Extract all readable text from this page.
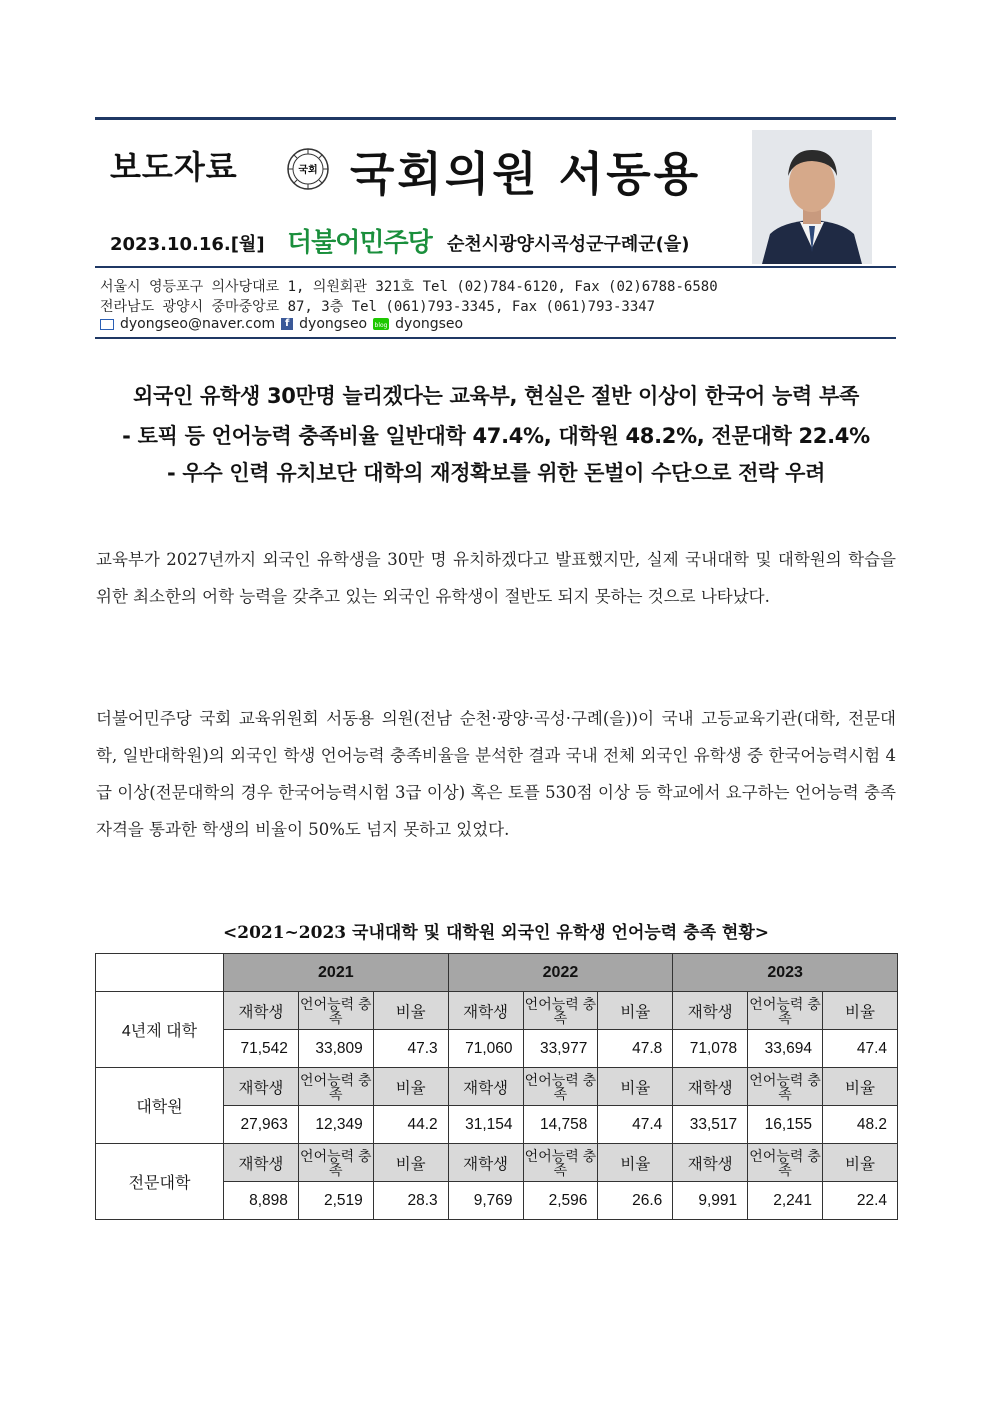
보도자료	국회 국회의원 서동용
2023.10.16.[월] 더불어민주당 순천시광양시곡성군구례군(을)
서울시 영등포구 의사당대로 1, 의원회관 321호 Tel (02)784-6120, Fax (02)6788-6580
전라남도 광양시 중마중앙로 87, 3층 Tel (061)793-3345, Fax (061)793-3347
dyongseo@naver.com f dyongseo blog dyongseo
외국인 유학생 30만명 늘리겠다는 교육부, 현실은 절반 이상이 한국어 능력 부족
- 토픽 등 언어능력 충족비율 일반대학 47.4%, 대학원 48.2%, 전문대학 22.4%
- 우수 인력 유치보단 대학의 재정확보를 위한 돈벌이 수단으로 전락 우려
교육부가 2027년까지 외국인 유학생을 30만 명 유치하겠다고 발표했지만, 실제 국내대학 및 대학원의 학습을 위한 최소한의 어학 능력을 갖추고 있는 외국인 유학생이 절반도 되지 못하는 것으로 나타났다.
더불어민주당 국회 교육위원회 서동용 의원(전남 순천·광양·곡성·구례(을))이 국내 고등교육기관(대학, 전문대학, 일반대학원)의 외국인 학생 언어능력 충족비율을 분석한 결과 국내 전체 외국인 유학생 중 한국어능력시험 4급 이상(전문대학의 경우 한국어능력시험 3급 이상) 혹은 토플 530점 이상 등 학교에서 요구하는 언어능력 충족자격을 통과한 학생의 비율이 50%도 넘지 못하고 있었다.
<2021~2023 국내대학 및 대학원 외국인 유학생 언어능력 충족 현황>
	2021			2022			2023		
4년제 대학	재학생	언어능력 충족	비율	재학생	언어능력 충족	비율	재학생	언어능력 충족	비율
	71,542	33,809	47.3	71,060	33,977	47.8	71,078	33,694	47.4
대학원	재학생	언어능력 충족	비율	재학생	언어능력 충족	비율	재학생	언어능력 충족	비율
	27,963	12,349	44.2	31,154	14,758	47.4	33,517	16,155	48.2
전문대학	재학생	언어능력 충족	비율	재학생	언어능력 충족	비율	재학생	언어능력 충족	비율
	8,898	2,519	28.3	9,769	2,596	26.6	9,991	2,241	22.4
